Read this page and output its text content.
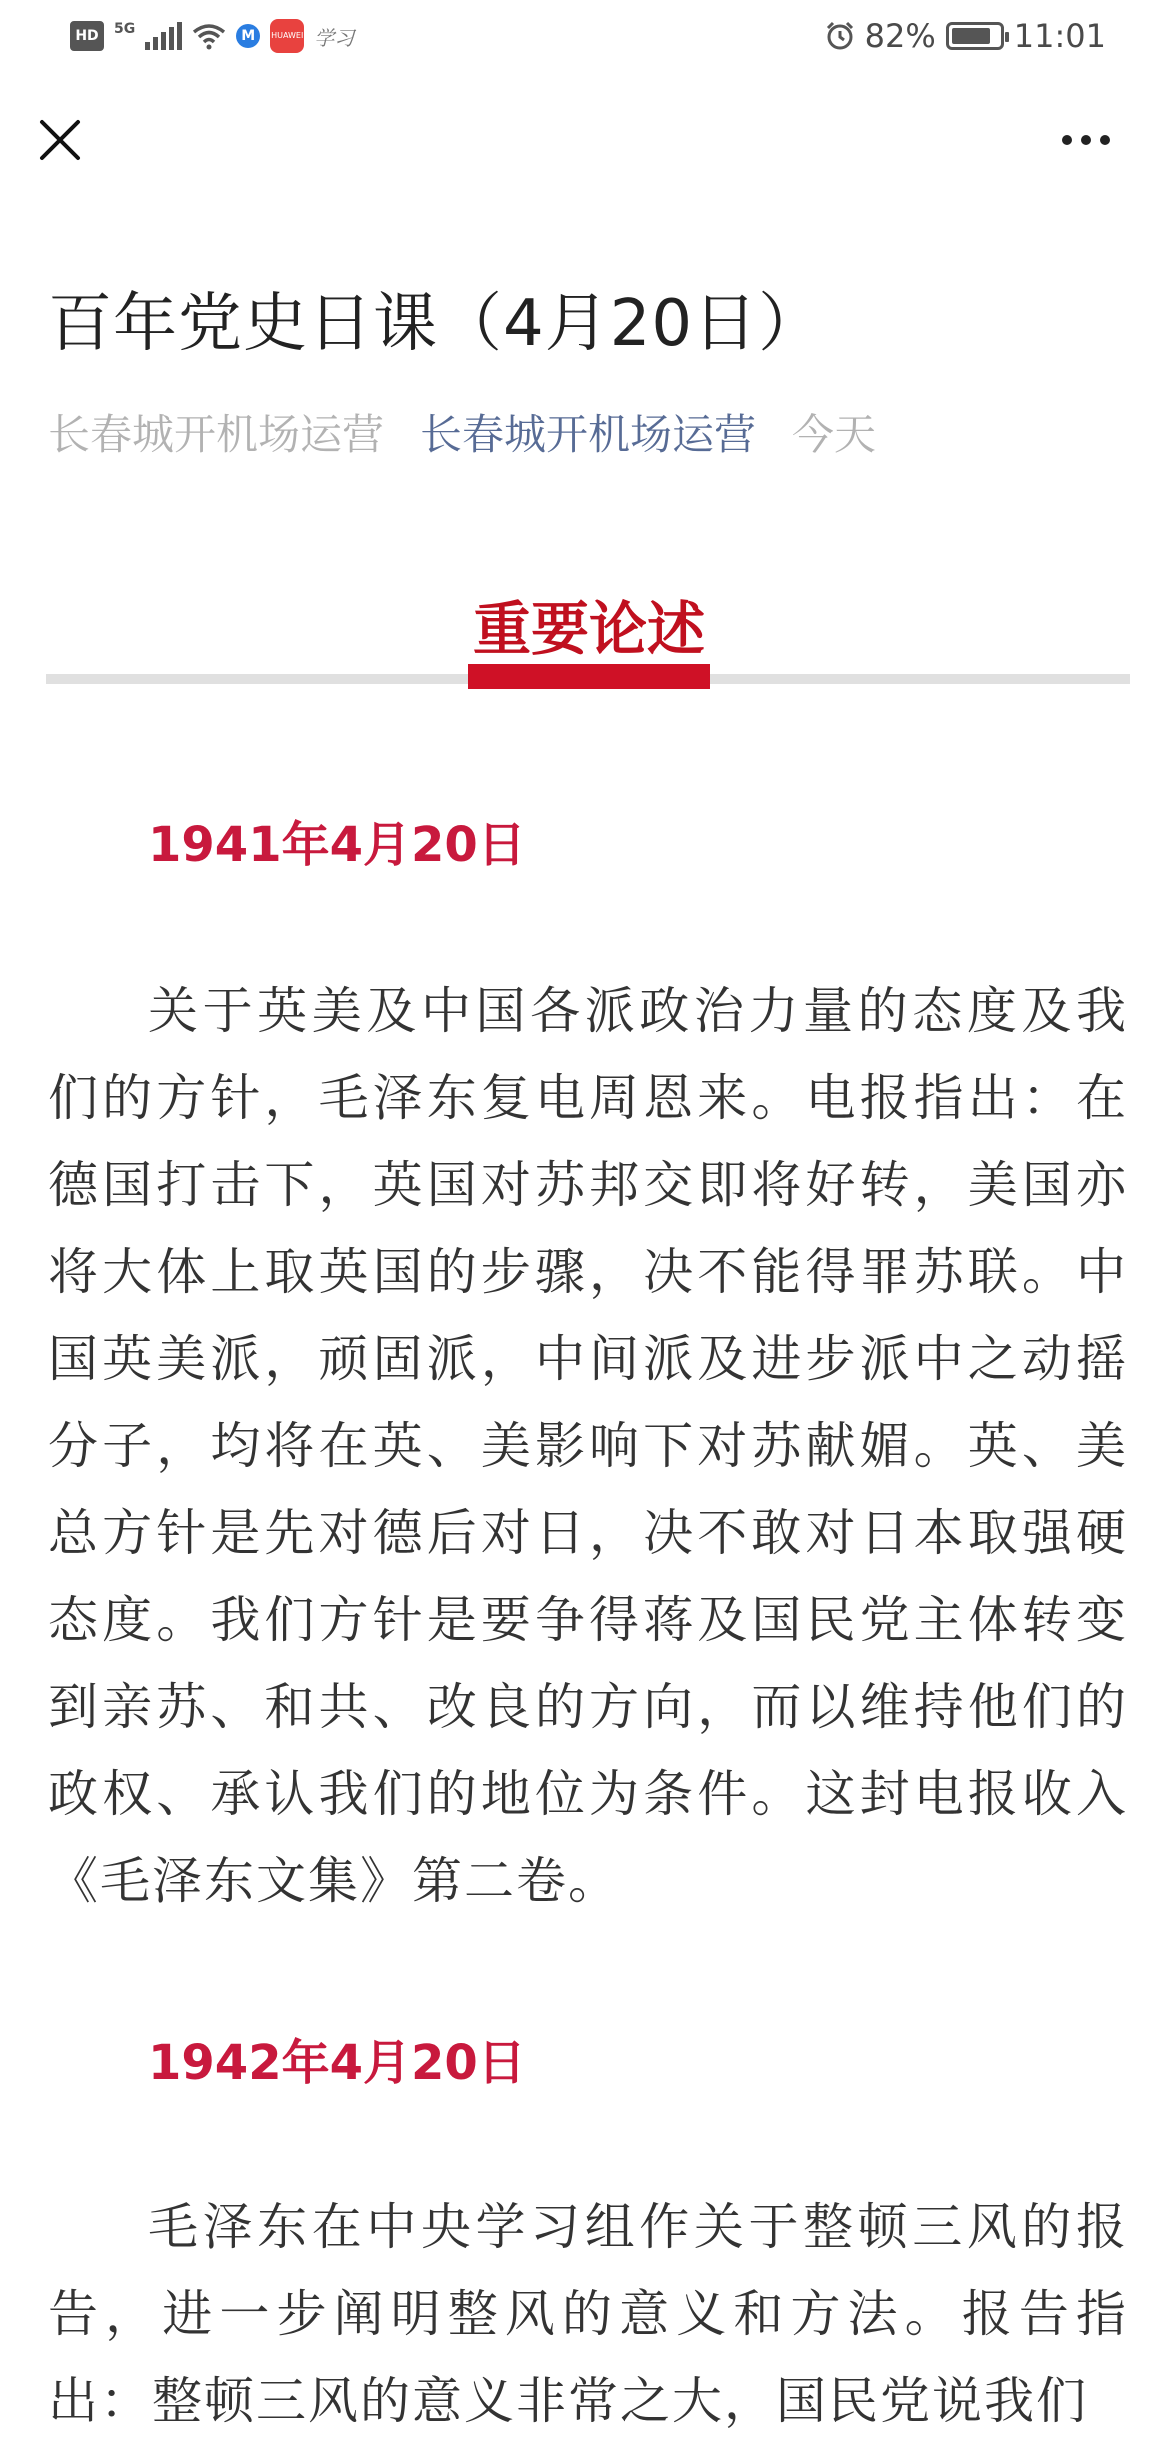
HD	5G	M	HUAWEI 学习	82% 11:01
百年党史日课（4月20日）
长春城开机场运营 长春城开机场运营 今天
重要论述
1941年4月20日

关于英美及中国各派政治力量的态度及我们的方针，毛泽东复电周恩来。电报指出：在德国打击下，英国对苏邦交即将好转，美国亦将大体上取英国的步骤，决不能得罪苏联。中国英美派，顽固派，中间派及进步派中之动摇分子，均将在英、美影响下对苏献媚。英、美总方针是先对德后对日，决不敢对日本取强硬态度。我们方针是要争得蒋及国民党主体转变到亲苏、和共、改良的方向，而以维持他们的政权、承认我们的地位为条件。这封电报收入《毛泽东文集》第二卷。

1942年4月20日

毛泽东在中央学习组作关于整顿三风的报告，进一步阐明整风的意义和方法。报告指出：整顿三风的意义非常之大，国民党说我们
